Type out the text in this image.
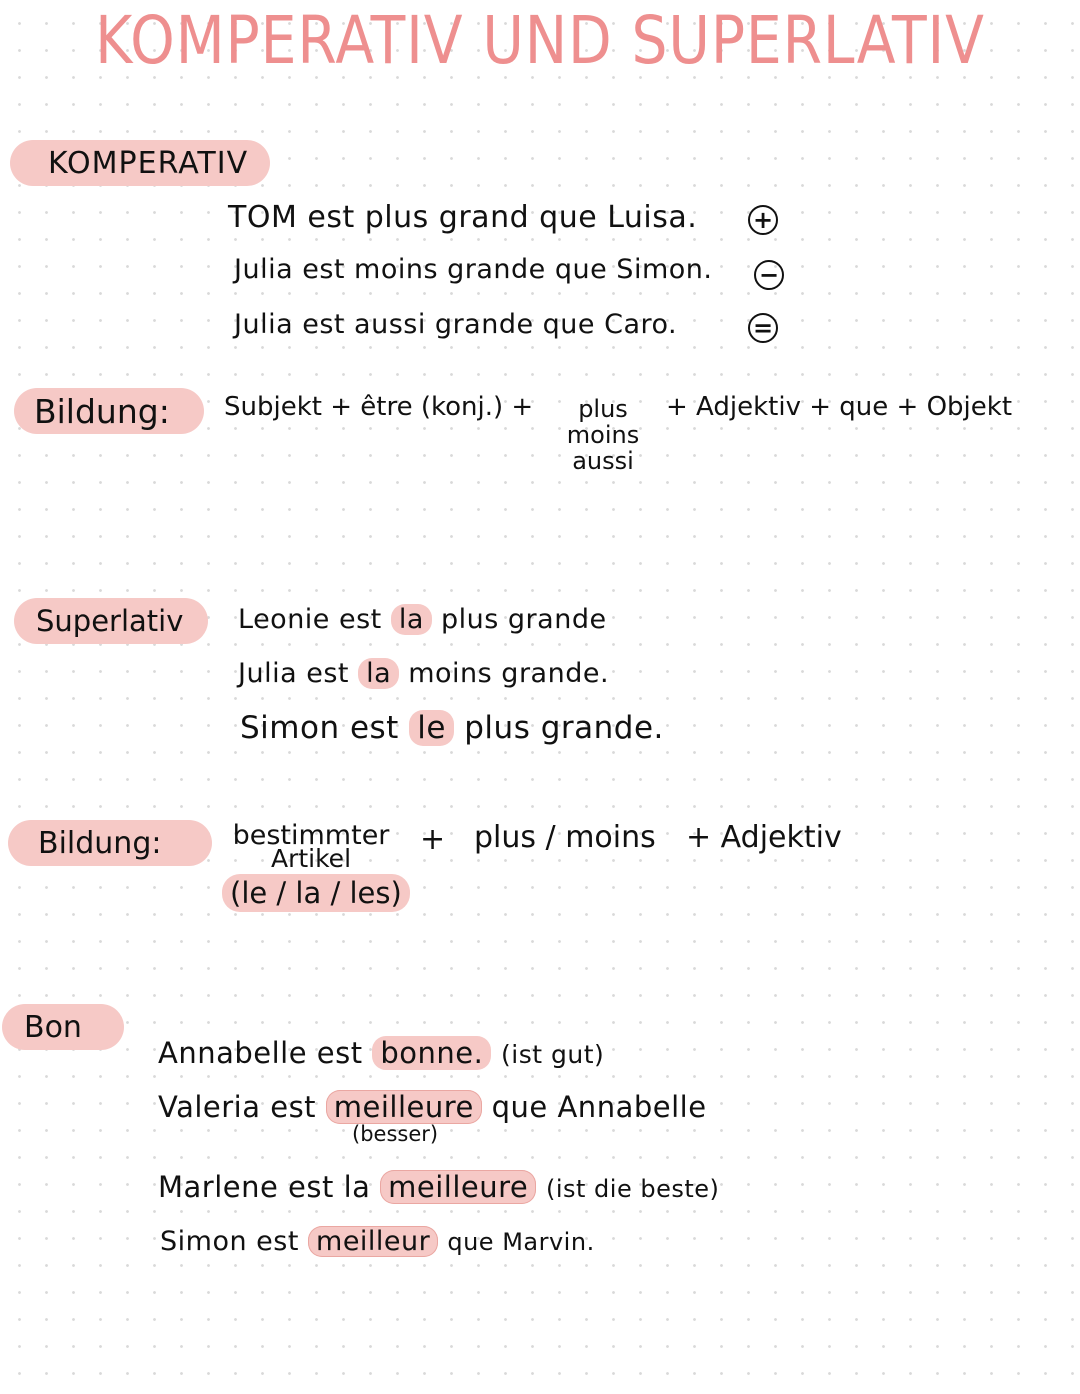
KOMPERATIV UND SUPERLATIV
KOMPERATIV
TOM est plus grand que Luisa. +
Julia est moins grande que Simon. −
Julia est aussi grande que Caro.	=
Bildung: Subjekt + être (konj.) +	plus
moins
aussi
+ Adjektiv + que + Objekt
Superlativ Leonie est la plus grande
Julia est la moins grande.
Simon est le plus grande.
Bildung:	bestimmter
Artikel
(le / la / les)
+ plus / moins + Adjektiv
Bon
Annabelle est bonne. (ist gut)
Valeria est meilleure que Annabelle
(besser)
Marlene est la meilleure (ist die beste)
Simon est meilleur que Marvin.
